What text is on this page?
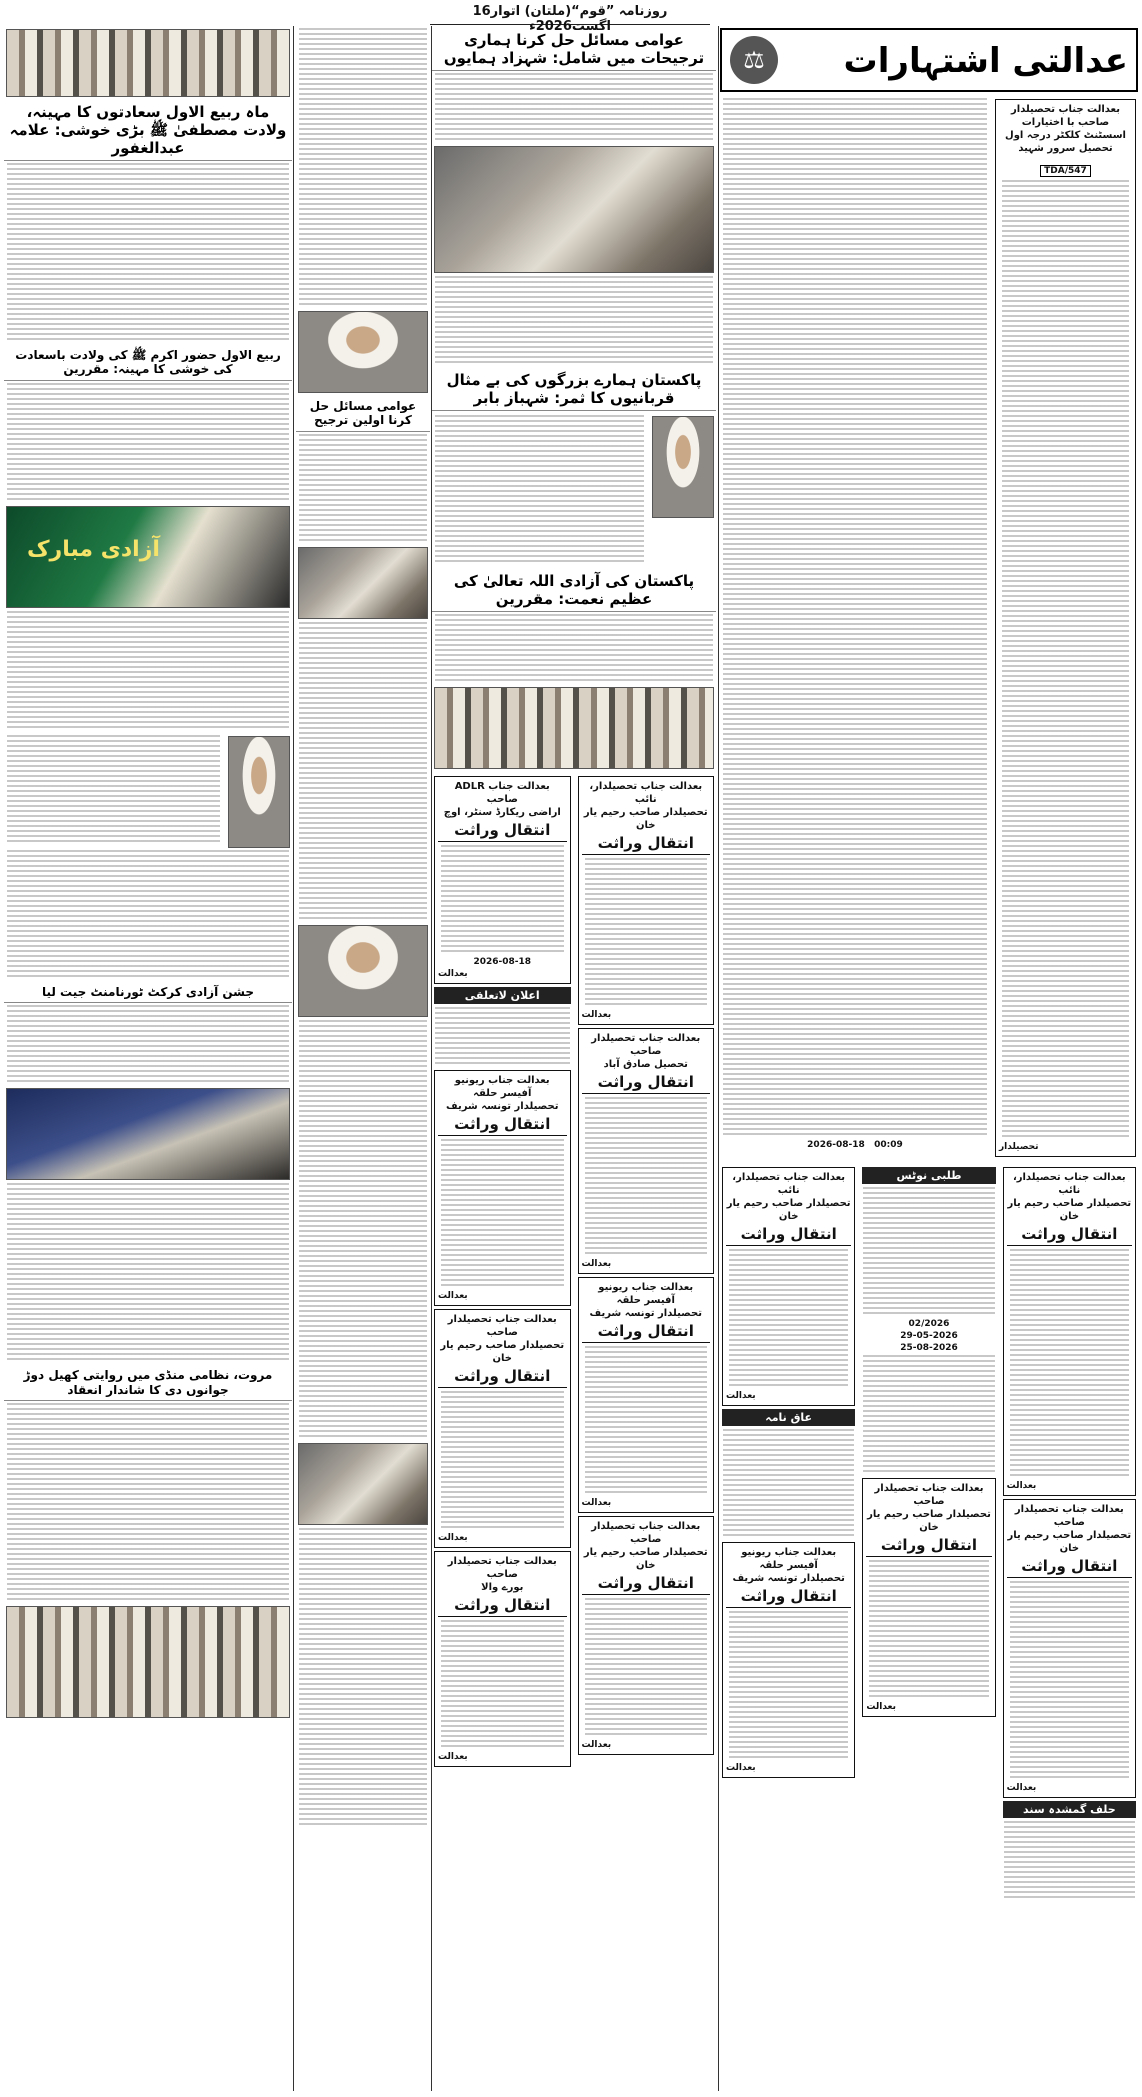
روزنامہ ”قوم“(ملتان) اتوار16 اگست2026ء
ماہ ربیع الاول سعادتوں کا مہینہ، ولادت مصطفیٰ ﷺ بڑی خوشی: علامہ عبدالغفور
ربیع الاول حضور اکرم ﷺ کی ولادت باسعادت کی خوشی کا مہینہ: مقررین
آزادی مبارک
جشن آزادی کرکٹ ٹورنامنٹ جیت لیا
مروت، نظامی منڈی میں روایتی کھیل دوڑ جوانوں دی کا شاندار انعقاد
عوامی مسائل حل کرنا اولین ترجیح
عوامی مسائل حل کرنا ہماری ترجیحات میں شامل: شہزاد ہمایوں
پاکستان ہمارے بزرگوں کی بے مثال قربانیوں کا ثمر: شہباز بابر
پاکستان کی آزادی اللہ تعالیٰ کی عظیم نعمت: مقررین
بعدالت جناب ADLR صاحب
اراضی ریکارڈ سنٹر، اوچ
انتقال وراثت
2026-08-18
بعدالت
اعلان لاتعلقی
بعدالت جناب ریونیو آفیسر حلقہ
تحصیلدار تونسہ شریف
انتقال وراثت
بعدالت
بعدالت جناب تحصیلدار صاحب
تحصیلدار صاحب رحیم یار خان
انتقال وراثت
بعدالت
بعدالت جناب تحصیلدار صاحب
بورے والا
انتقال وراثت
بعدالت
بعدالت جناب تحصیلدار، نائب
تحصیلدار صاحب رحیم یار خان
انتقال وراثت
بعدالت
بعدالت جناب تحصیلدار صاحب
تحصیل صادق آباد
انتقال وراثت
بعدالت
بعدالت جناب ریونیو آفیسر حلقہ
تحصیلدار تونسہ شریف
انتقال وراثت
بعدالت
بعدالت جناب تحصیلدار صاحب
تحصیلدار صاحب رحیم یار خان
انتقال وراثت
بعدالت
⚖	عدالتی اشتہارات
2026-08-18 00:09
بعدالت جناب تحصیلدار صاحب با اختیارات اسسٹنٹ کلکٹر درجہ اول
تحصیل سرور شہید
TDA/547
تحصیلدار
بعدالت جناب تحصیلدار، نائب
تحصیلدار صاحب رحیم یار خان
انتقال وراثت
بعدالت
عاق نامہ
بعدالت جناب ریونیو آفیسر حلقہ
تحصیلدار تونسہ شریف
انتقال وراثت
بعدالت
طلبی نوٹس
02/2026
29-05-2026
25-08-2026
بعدالت جناب تحصیلدار صاحب
تحصیلدار صاحب رحیم یار خان
انتقال وراثت
بعدالت
بعدالت جناب تحصیلدار، نائب
تحصیلدار صاحب رحیم یار خان
انتقال وراثت
بعدالت
بعدالت جناب تحصیلدار صاحب
تحصیلدار صاحب رحیم یار خان
انتقال وراثت
بعدالت
حلف گمشدہ سند
